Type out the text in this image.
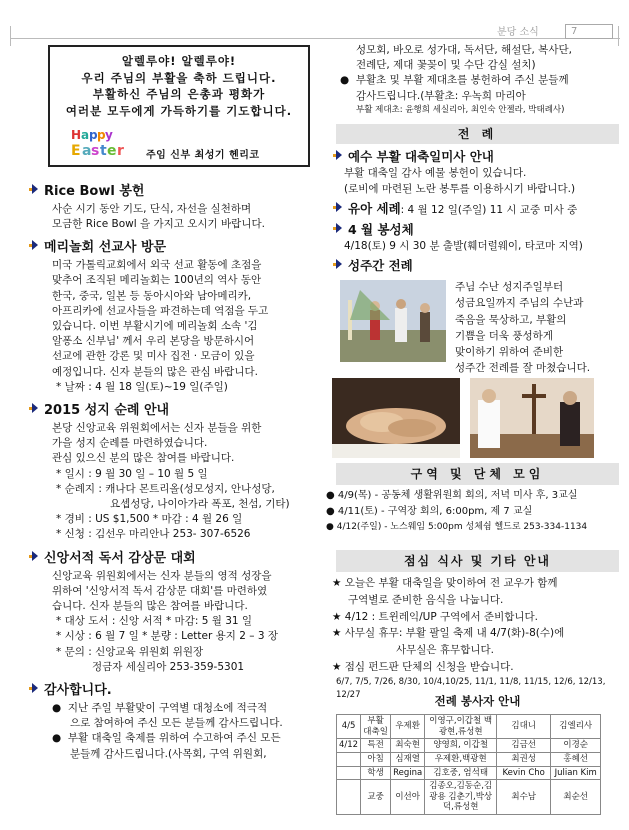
분당 소식	7
알렐루야! 알렐루야!
우리 주님의 부활을 축하 드립니다.
부활하신 주님의 은총과 평화가
여러분 모두에게 가득하기를 기도합니다.
H a p p y
E a s t e r 주임 신부 최성기 헨리코
Rice Bowl 봉헌
사순 시기 동안 기도, 단식, 자선을 실천하며
모금한 Rice Bowl 을 가지고 오시기 바랍니다.
메리놀회 선교사 방문
미국 가톨릭교회에서 외국 선교 활동에 초점을
맞추어 조직된 메리놀회는 100년의 역사 동안
한국, 중국, 일본 등 동아시아와 남아메리카,
아프리카에 선교사들을 파견하는데 역점을 두고
있습니다. 이번 부활시기에 메리놀회 소속 '김
알퐁소 신부님' 께서 우리 본당을 방문하시어
선교에 관한 강론 및 미사 집전 · 모금이 있을
예정입니다. 신자 분들의 많은 관심 바랍니다.
* 날짜 : 4 월 18 일(토)~19 일(주일)
2015 성지 순례 안내
본당 신앙교육 위원회에서는 신자 분들을 위한
가을 성지 순례를 마련하였습니다.
관심 있으신 분의 많은 참여를 바랍니다.
* 일시 : 9 월 30 일 – 10 월 5 일
* 순례지 : 캐나다 몬트리올(성모성지, 안나성당,
요셉성당, 나이아가라 폭포, 천섬, 기타)
* 경비 : US $1,500 * 마감 : 4 월 26 일
* 신청 : 김선우 마리안나 253- 307-6526
신앙서적 독서 감상문 대회
신앙교육 위원회에서는 신자 분들의 영적 성장을
위하여 '신앙서적 독서 감상문 대회'를 마련하였
습니다. 신자 분들의 많은 참여를 바랍니다.
* 대상 도서 : 신앙 서적 * 마감: 5 월 31 일
* 시상 : 6 월 7 일 * 분량 : Letter 용지 2 – 3 장
* 문의 : 신앙교육 위원회 위원장
정금자 세실리아 253-359-5301
감사합니다.
●  지난 주일 부활맞이 구역별 대청소에 적극적
으로 참여하여 주신 모든 분들께 감사드립니다.
●  부활 대축일 축제를 위하여 수고하여 주신 모든
분들께 감사드립니다.(사목회, 구역 위원회,
성모회, 바오로 성가대, 독서단, 해설단, 복사단,
전례단, 제대 꽃꽂이 및 수단 감실 설치)
●  부활초 및 부활 제대초를 봉헌하여 주신 분들께
감사드립니다.(부활초: 우녹희 마리아
부활 제대초: 윤행희 세실리아, 최인숙 안젤라, 박태례사)
전 례
예수 부활 대축일미사 안내
부활 대축일 감사 예물 봉헌이 있습니다.
(로비에 마련된 노란 봉투를 이용하시기 바랍니다.)
유아 세례: 4 월 12 일(주일) 11 시 교중 미사 중
4 월 봉성체
4/18(토) 9 시 30 분 출발(훼더럴웨이, 타코마 지역)
성주간 전례
주님 수난 성지주일부터
성금요일까지 주님의 수난과
죽음을 묵상하고, 부활의
기쁨을 더욱 풍성하게
맞이하기 위하여 준비한
성주간 전례를 잘 마쳤습니다.
구역 및 단체 모임
● 4/9(목) - 공동체 생활위원회 회의, 저녁 미사 후, 3교실
● 4/11(토) - 구역장 회의, 6:00pm, 제 7 교실
● 4/12(주일) - 노스웨임 5:00pm 성체쉼 헬드로 253-334-1134
점심 식사 및 기타 안내
★ 오늘은 부활 대축일을 맞이하여 전 교우가 함께
구역별로 준비한 음식을 나눕니다.
★ 4/12 : 트윈레익/UP 구역에서 준비합니다.
★ 사무실 휴무: 부활 팔일 축제 내 4/7(화)-8(수)에
사무실은 휴무합니다.
★ 점심 펀드판 단체의 신청을 받습니다.
6/7, 7/5, 7/26, 8/30, 10/4,10/25, 11/1, 11/8, 11/15, 12/6, 12/13, 12/27	전례 봉사자 안내
4/5	부활 대축일	우제환	이영구,이갑철 백광현,류성현	김대니	김엘리사
4/12	특전	최숙현	양영희, 이갑철	김금선	이경순
	아침	심재열	우제환,백광현	최권성	홍혜선
	학생	Regina	김호중, 엄석태	Kevin Cho	Julian Kim
	교중	이선아	김종오,김동순,김광용 김춘기,박상덕,류성현	최수남	최순선
